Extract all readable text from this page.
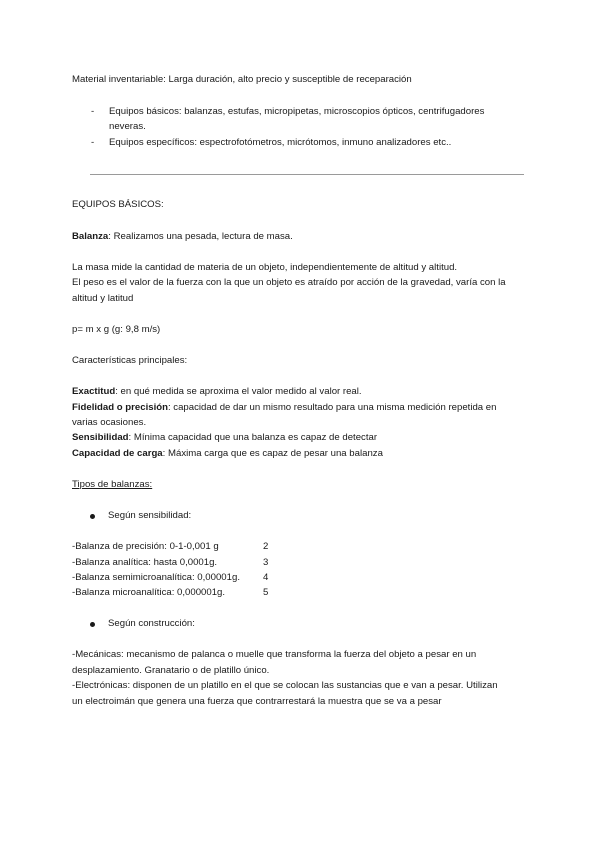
Material inventariable: Larga duración, alto precio y susceptible de receparación
- Equipos básicos: balanzas, estufas, micropipetas, microscopios ópticos, centrifugadores
neveras.
- Equipos específicos: espectrofotómetros, micrótomos, inmuno analizadores etc..
EQUIPOS BÁSICOS:
Balanza: Realizamos una pesada, lectura de masa.
La masa mide la cantidad de materia de un objeto, independientemente de altitud y altitud.
El peso es el valor de la fuerza con la que un objeto es atraído por acción de la gravedad, varía con la
altitud y latitud
p= m x g (g: 9,8 m/s)
Características principales:
Exactitud: en qué medida se aproxima el valor medido al valor real.
Fidelidad o precisión: capacidad de dar un mismo resultado para una misma medición repetida en
varias ocasiones.
Sensibilidad: Mínima capacidad que una balanza es capaz de detectar
Capacidad de carga: Máxima carga que es capaz de pesar una balanza
Tipos de balanzas:
Según sensibilidad:
-Balanza de precisión: 0-1-0,001 g	2
-Balanza analítica: hasta 0,0001g.	3
-Balanza semimicroanalítica: 0,00001g. 4
-Balanza microanalítica: 0,000001g.	5
Según construcción:
-Mecánicas: mecanismo de palanca o muelle que transforma la fuerza del objeto a pesar en un
desplazamiento. Granatario o de platillo único.
-Electrónicas: disponen de un platillo en el que se colocan las sustancias que e van a pesar. Utilizan
un electroimán que genera una fuerza que contrarrestará la muestra que se va a pesar
